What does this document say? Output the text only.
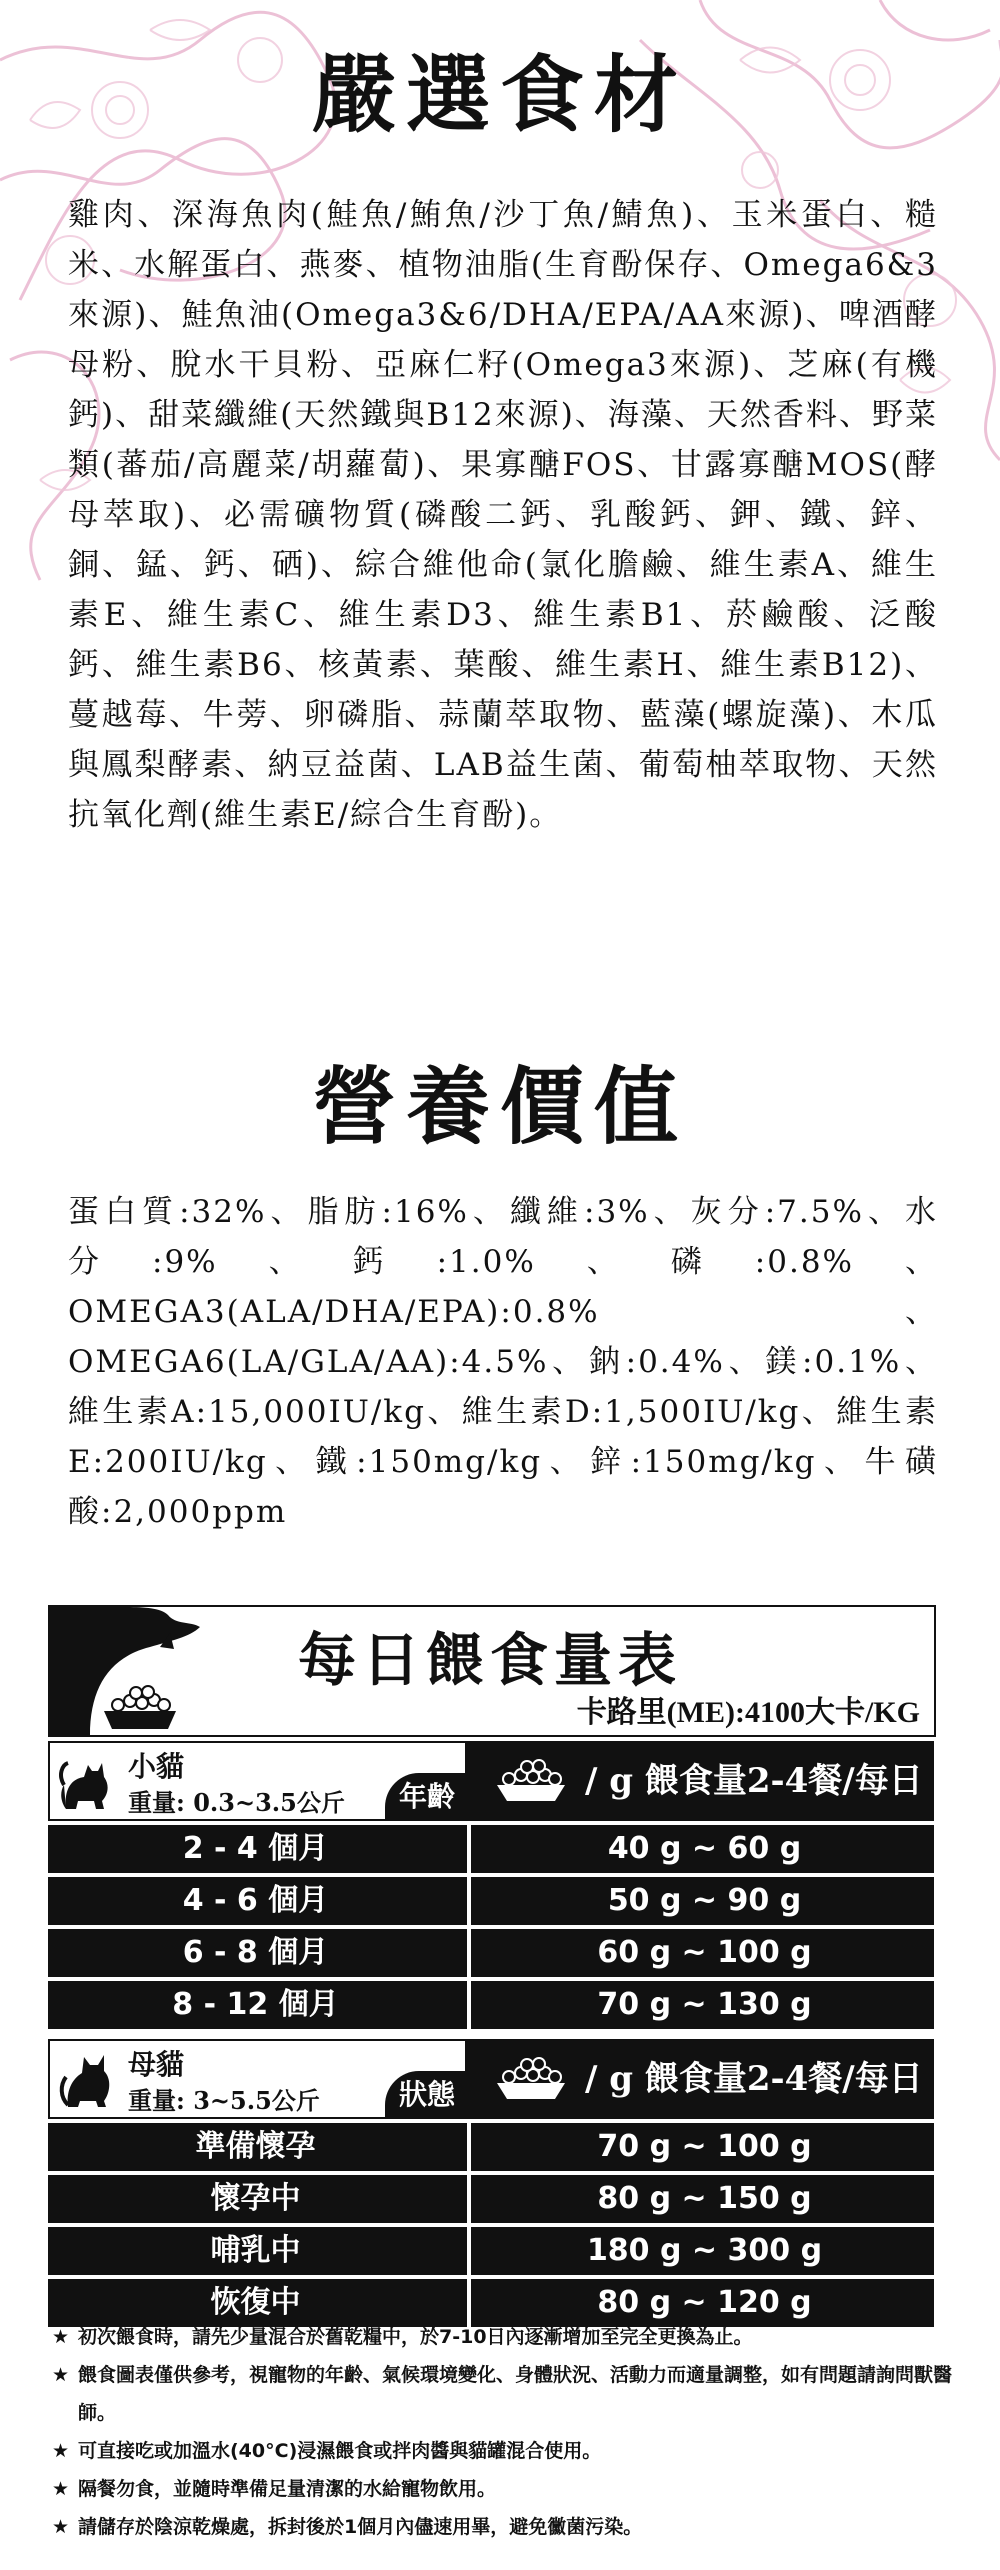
嚴選食材
雞肉、深海魚肉(鮭魚/鮪魚/沙丁魚/鯖魚)、玉米蛋白、糙米、水解蛋白、燕麥、植物油脂(生育酚保存、Omega6&3來源)、鮭魚油(Omega3&6/DHA/EPA/AA來源)、啤酒酵母粉、脫水干貝粉、亞麻仁籽(Omega3來源)、芝麻(有機鈣)、甜菜纖維(天然鐵與B12來源)、海藻、天然香料、野菜類(蕃茄/高麗菜/胡蘿蔔)、果寡醣FOS、甘露寡醣MOS(酵母萃取)、必需礦物質(磷酸二鈣、乳酸鈣、鉀、鐵、鋅、銅、錳、鈣、硒)、綜合維他命(氯化膽鹼、維生素A、維生素E、維生素C、維生素D3、維生素B1、菸鹼酸、泛酸鈣、維生素B6、核黃素、葉酸、維生素H、維生素B12)、蔓越莓、牛蒡、卵磷脂、蒜蘭萃取物、藍藻(螺旋藻)、木瓜與鳳梨酵素、納豆益菌、LAB益生菌、葡萄柚萃取物、天然抗氧化劑(維生素E/綜合生育酚)。
營養價值
蛋白質:32%、脂肪:16%、纖維:3%、灰分:7.5%、水分:9%、鈣:1.0%、磷:0.8%、OMEGA3(ALA/DHA/EPA):0.8%、OMEGA6(LA/GLA/AA):4.5%、鈉:0.4%、鎂:0.1%、維生素A:15,000IU/kg、維生素D:1,500IU/kg、維生素E:200IU/kg、鐵:150mg/kg、鋅:150mg/kg、牛磺酸:2,000ppm
每日餵食量表
卡路里(ME):4100大卡/KG
小貓
重量: 0.3~3.5公斤	年齡	/ g 餵食量2-4餐/每日
2 - 4 個月	40 g ~ 60 g
4 - 6 個月	50 g ~ 90 g
6 - 8 個月	60 g ~ 100 g
8 - 12 個月	70 g ~ 130 g
母貓
重量: 3~5.5公斤	狀態	/ g 餵食量2-4餐/每日
準備懷孕	70 g ~ 100 g
懷孕中	80 g ~ 150 g
哺乳中	180 g ~ 300 g
恢復中	80 g ~ 120 g
★ 初次餵食時，請先少量混合於舊乾糧中，於7-10日內逐漸增加至完全更換為止。
★ 餵食圖表僅供參考，視寵物的年齡、氣候環境變化、身體狀況、活動力而適量調整，如有問題請詢問獸醫師。
★ 可直接吃或加溫水(40°C)浸濕餵食或拌肉醬與貓罐混合使用。
★ 隔餐勿食，並隨時準備足量清潔的水給寵物飲用。
★ 請儲存於陰涼乾燥處，拆封後於1個月內儘速用畢，避免黴菌污染。
